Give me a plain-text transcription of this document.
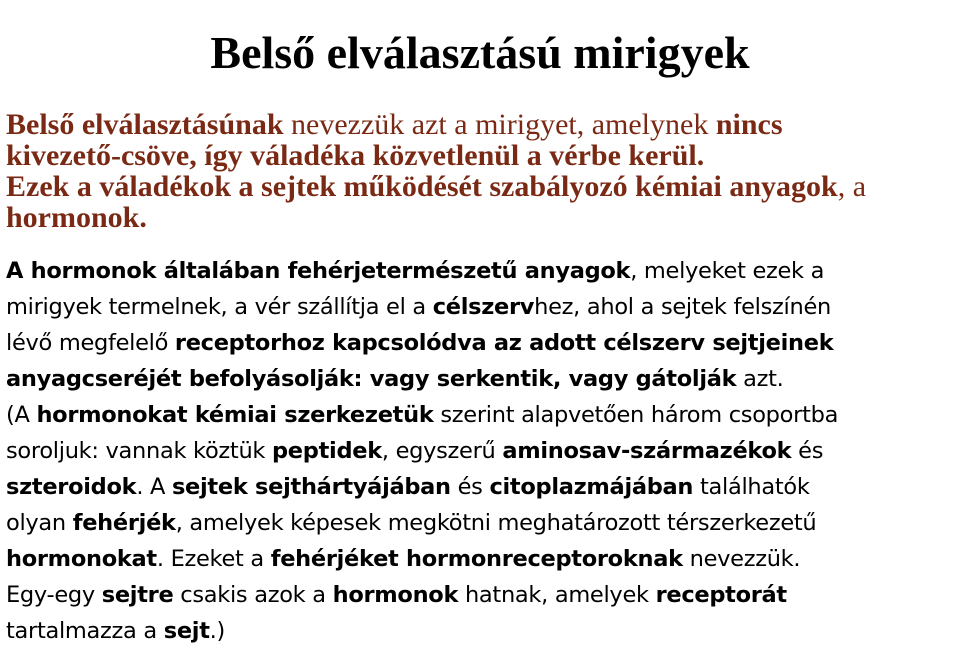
Belső elválasztású mirigyek
Belső elválasztásúnak nevezzük azt a mirigyet, amelynek nincs
kivezető-csöve, így váladéka közvetlenül a vérbe kerül.
Ezek a váladékok a sejtek működését szabályozó kémiai anyagok, a
hormonok.
A hormonok általában fehérjetermészetű anyagok, melyeket ezek a
mirigyek termelnek, a vér szállítja el a célszervhez, ahol a sejtek felszínén
lévő megfelelő receptorhoz kapcsolódva az adott célszerv sejtjeinek
anyagcseréjét befolyásolják: vagy serkentik, vagy gátolják azt.
(A hormonokat kémiai szerkezetük szerint alapvetően három csoportba
soroljuk: vannak köztük peptidek, egyszerű aminosav-származékok és
szteroidok. A sejtek sejthártyájában és citoplazmájában találhatók
olyan fehérjék, amelyek képesek megkötni meghatározott térszerkezetű
hormonokat. Ezeket a fehérjéket hormonreceptoroknak nevezzük.
Egy-egy sejtre csakis azok a hormonok hatnak, amelyek receptorát
tartalmazza a sejt.)
